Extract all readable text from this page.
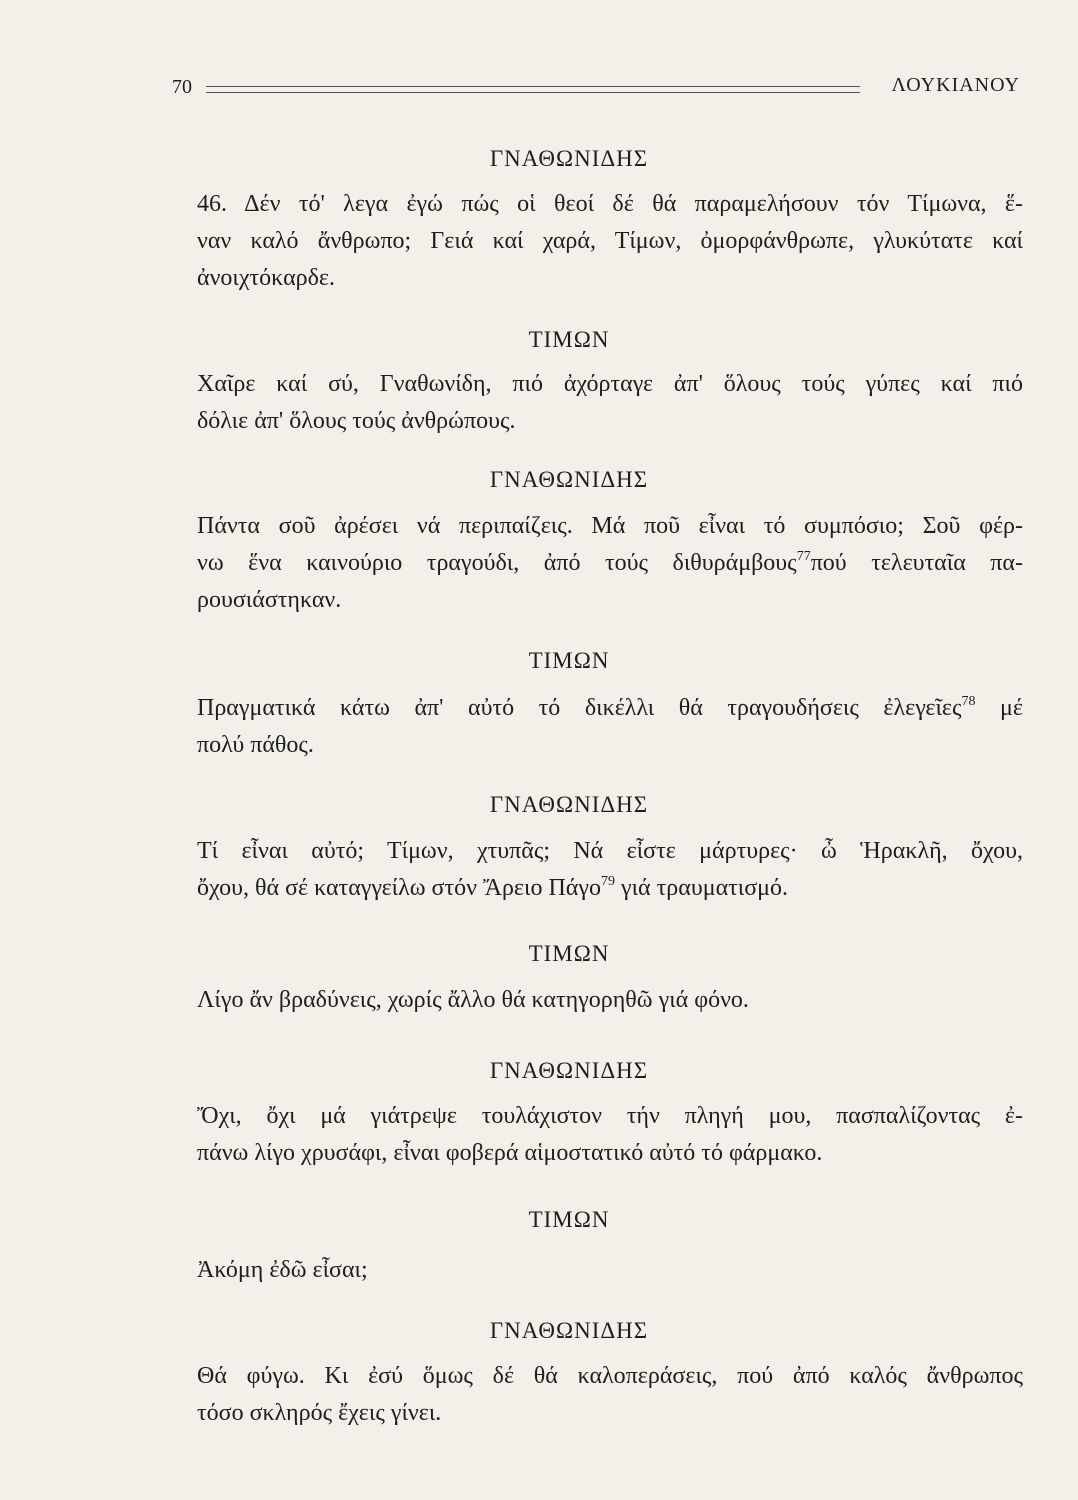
70	ΛΟΥΚΙΑΝΟΥ
ΓΝΑΘΩΝΙΔΗΣ
46. Δέν τό' λεγα ἐγώ πώς οἱ θεοί δέ θά παραμελήσουν τόν Τίμωνα, ἕ-
ναν καλό ἄνθρωπο; Γειά καί χαρά, Τίμων, ὀμορφάνθρωπε, γλυκύτατε καί
ἀνοιχτόκαρδε.
ΤΙΜΩΝ
Χαῖρε καί σύ, Γναθωνίδη, πιό ἀχόρταγε ἀπ' ὅλους τούς γύπες καί πιό
δόλιε ἀπ' ὅλους τούς ἀνθρώπους.
ΓΝΑΘΩΝΙΔΗΣ
Πάντα σοῦ ἀρέσει νά περιπαίζεις. Μά ποῦ εἶναι τό συμπόσιο; Σοῦ φέρ-
νω ἕνα καινούριο τραγούδι, ἀπό τούς διθυράμβους$^{77}$πού τελευταῖα πα-
ρουσιάστηκαν.
ΤΙΜΩΝ
Πραγματικά κάτω ἀπ' αὐτό τό δικέλλι θά τραγουδήσεις ἐλεγεῖες$^{78}$ μέ
πολύ πάθος.
ΓΝΑΘΩΝΙΔΗΣ
Τί εἶναι αὐτό; Τίμων, χτυπᾶς; Νά εἶστε μάρτυρες· ὦ Ἡρακλῆ, ὄχου,
ὄχου, θά σέ καταγγείλω στόν Ἄρειο Πάγο$^{79}$ γιά τραυματισμό.
ΤΙΜΩΝ
Λίγο ἄν βραδύνεις, χωρίς ἄλλο θά κατηγορηθῶ γιά φόνο.
ΓΝΑΘΩΝΙΔΗΣ
Ὄχι, ὄχι μά γιάτρεψε τουλάχιστον τήν πληγή μου, πασπαλίζοντας ἐ-
πάνω λίγο χρυσάφι, εἶναι φοβερά αἱμοστατικό αὐτό τό φάρμακο.
ΤΙΜΩΝ
Ἀκόμη ἐδῶ εἶσαι;
ΓΝΑΘΩΝΙΔΗΣ
Θά φύγω. Κι ἐσύ ὅμως δέ θά καλοπεράσεις, πού ἀπό καλός ἄνθρωπος
τόσο σκληρός ἔχεις γίνει.
